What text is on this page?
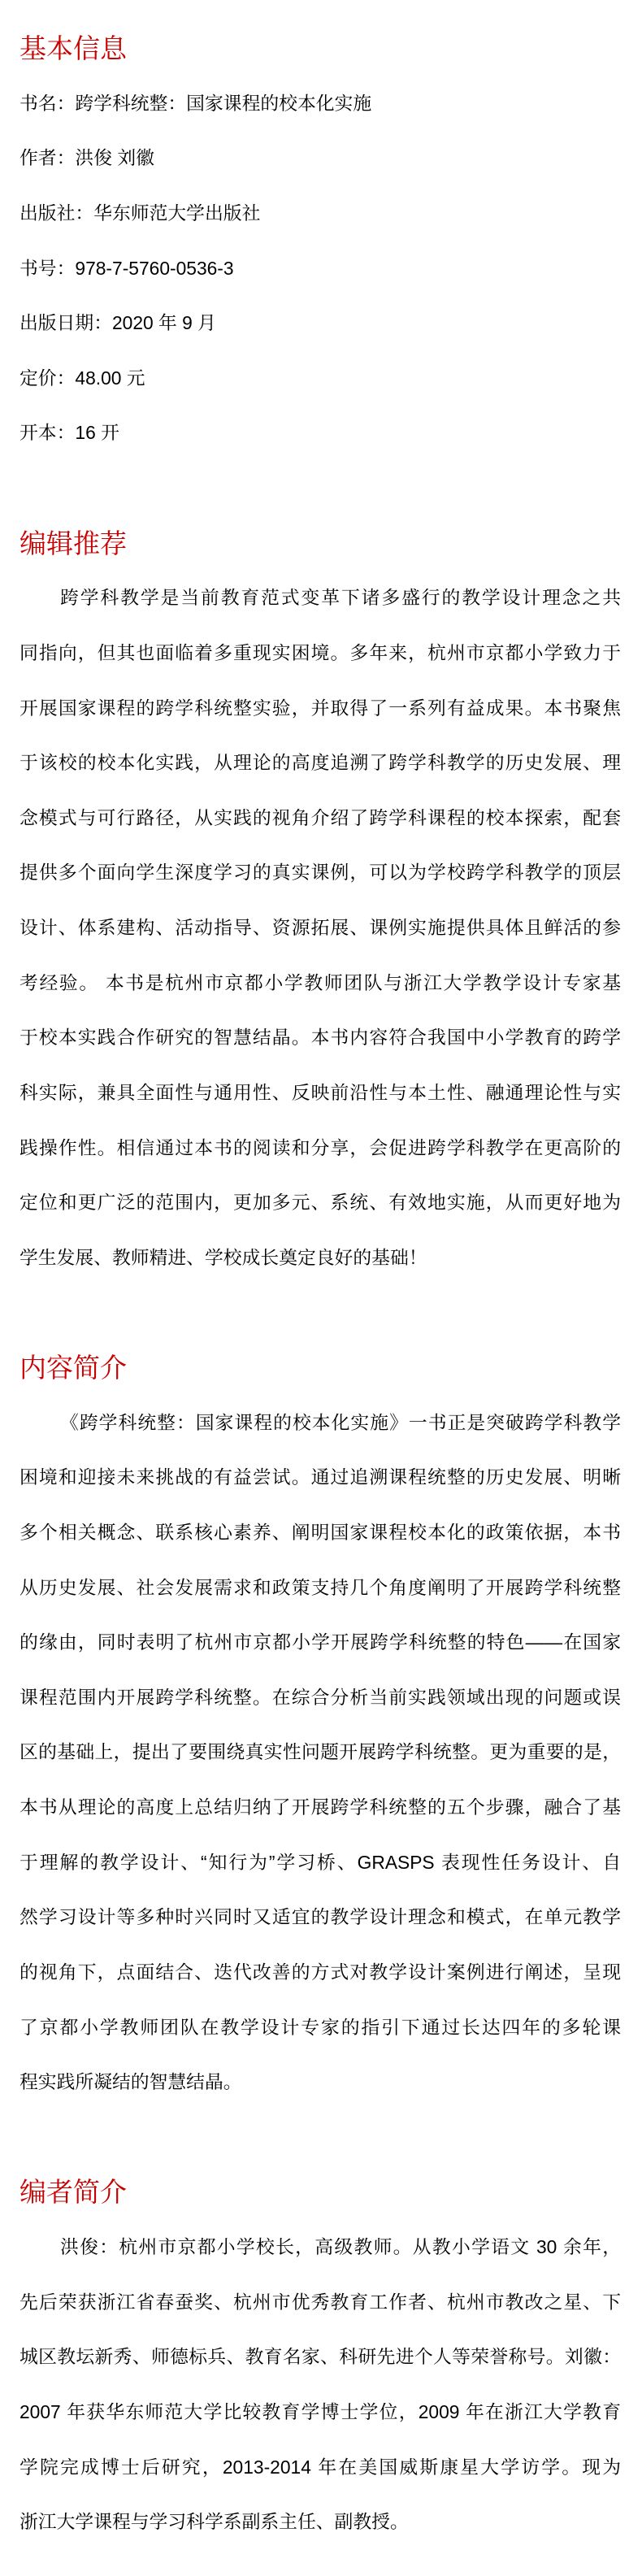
基本信息
书名：跨学科统整：国家课程的校本化实施
作者：洪俊 刘徽
出版社：华东师范大学出版社
书号：978-7-5760-0536-3
出版日期：2020 年 9 月
定价：48.00 元
开本：16 开
编辑推荐
跨学科教学是当前教育范式变革下诸多盛行的教学设计理念之共
同指向，但其也面临着多重现实困境。多年来，杭州市京都小学致力于
开展国家课程的跨学科统整实验，并取得了一系列有益成果。本书聚焦
于该校的校本化实践，从理论的高度追溯了跨学科教学的历史发展、理
念模式与可行路径，从实践的视角介绍了跨学科课程的校本探索，配套
提供多个面向学生深度学习的真实课例，可以为学校跨学科教学的顶层
设计、体系建构、活动指导、资源拓展、课例实施提供具体且鲜活的参
考经验。 本书是杭州市京都小学教师团队与浙江大学教学设计专家基
于校本实践合作研究的智慧结晶。本书内容符合我国中小学教育的跨学
科实际，兼具全面性与通用性、反映前沿性与本土性、融通理论性与实
践操作性。相信通过本书的阅读和分享，会促进跨学科教学在更高阶的
定位和更广泛的范围内，更加多元、系统、有效地实施，从而更好地为
学生发展、教师精进、学校成长奠定良好的基础！
内容简介
《跨学科统整：国家课程的校本化实施》一书正是突破跨学科教学
困境和迎接未来挑战的有益尝试。通过追溯课程统整的历史发展、明晰
多个相关概念、联系核心素养、阐明国家课程校本化的政策依据，本书
从历史发展、社会发展需求和政策支持几个角度阐明了开展跨学科统整
的缘由，同时表明了杭州市京都小学开展跨学科统整的特色——在国家
课程范围内开展跨学科统整。在综合分析当前实践领域出现的问题或误
区的基础上，提出了要围绕真实性问题开展跨学科统整。更为重要的是，
本书从理论的高度上总结归纳了开展跨学科统整的五个步骤，融合了基
于理解的教学设计、“知行为”学习桥、GRASPS 表现性任务设计、自
然学习设计等多种时兴同时又适宜的教学设计理念和模式，在单元教学
的视角下，点面结合、迭代改善的方式对教学设计案例进行阐述，呈现
了京都小学教师团队在教学设计专家的指引下通过长达四年的多轮课
程实践所凝结的智慧结晶。
编者简介
洪俊：杭州市京都小学校长，高级教师。从教小学语文 30 余年，
先后荣获浙江省春蚕奖、杭州市优秀教育工作者、杭州市教改之星、下
城区教坛新秀、师德标兵、教育名家、科研先进个人等荣誉称号。刘徽：
2007 年获华东师范大学比较教育学博士学位，2009 年在浙江大学教育
学院完成博士后研究，2013-2014 年在美国威斯康星大学访学。现为
浙江大学课程与学习科学系副系主任、副教授。
